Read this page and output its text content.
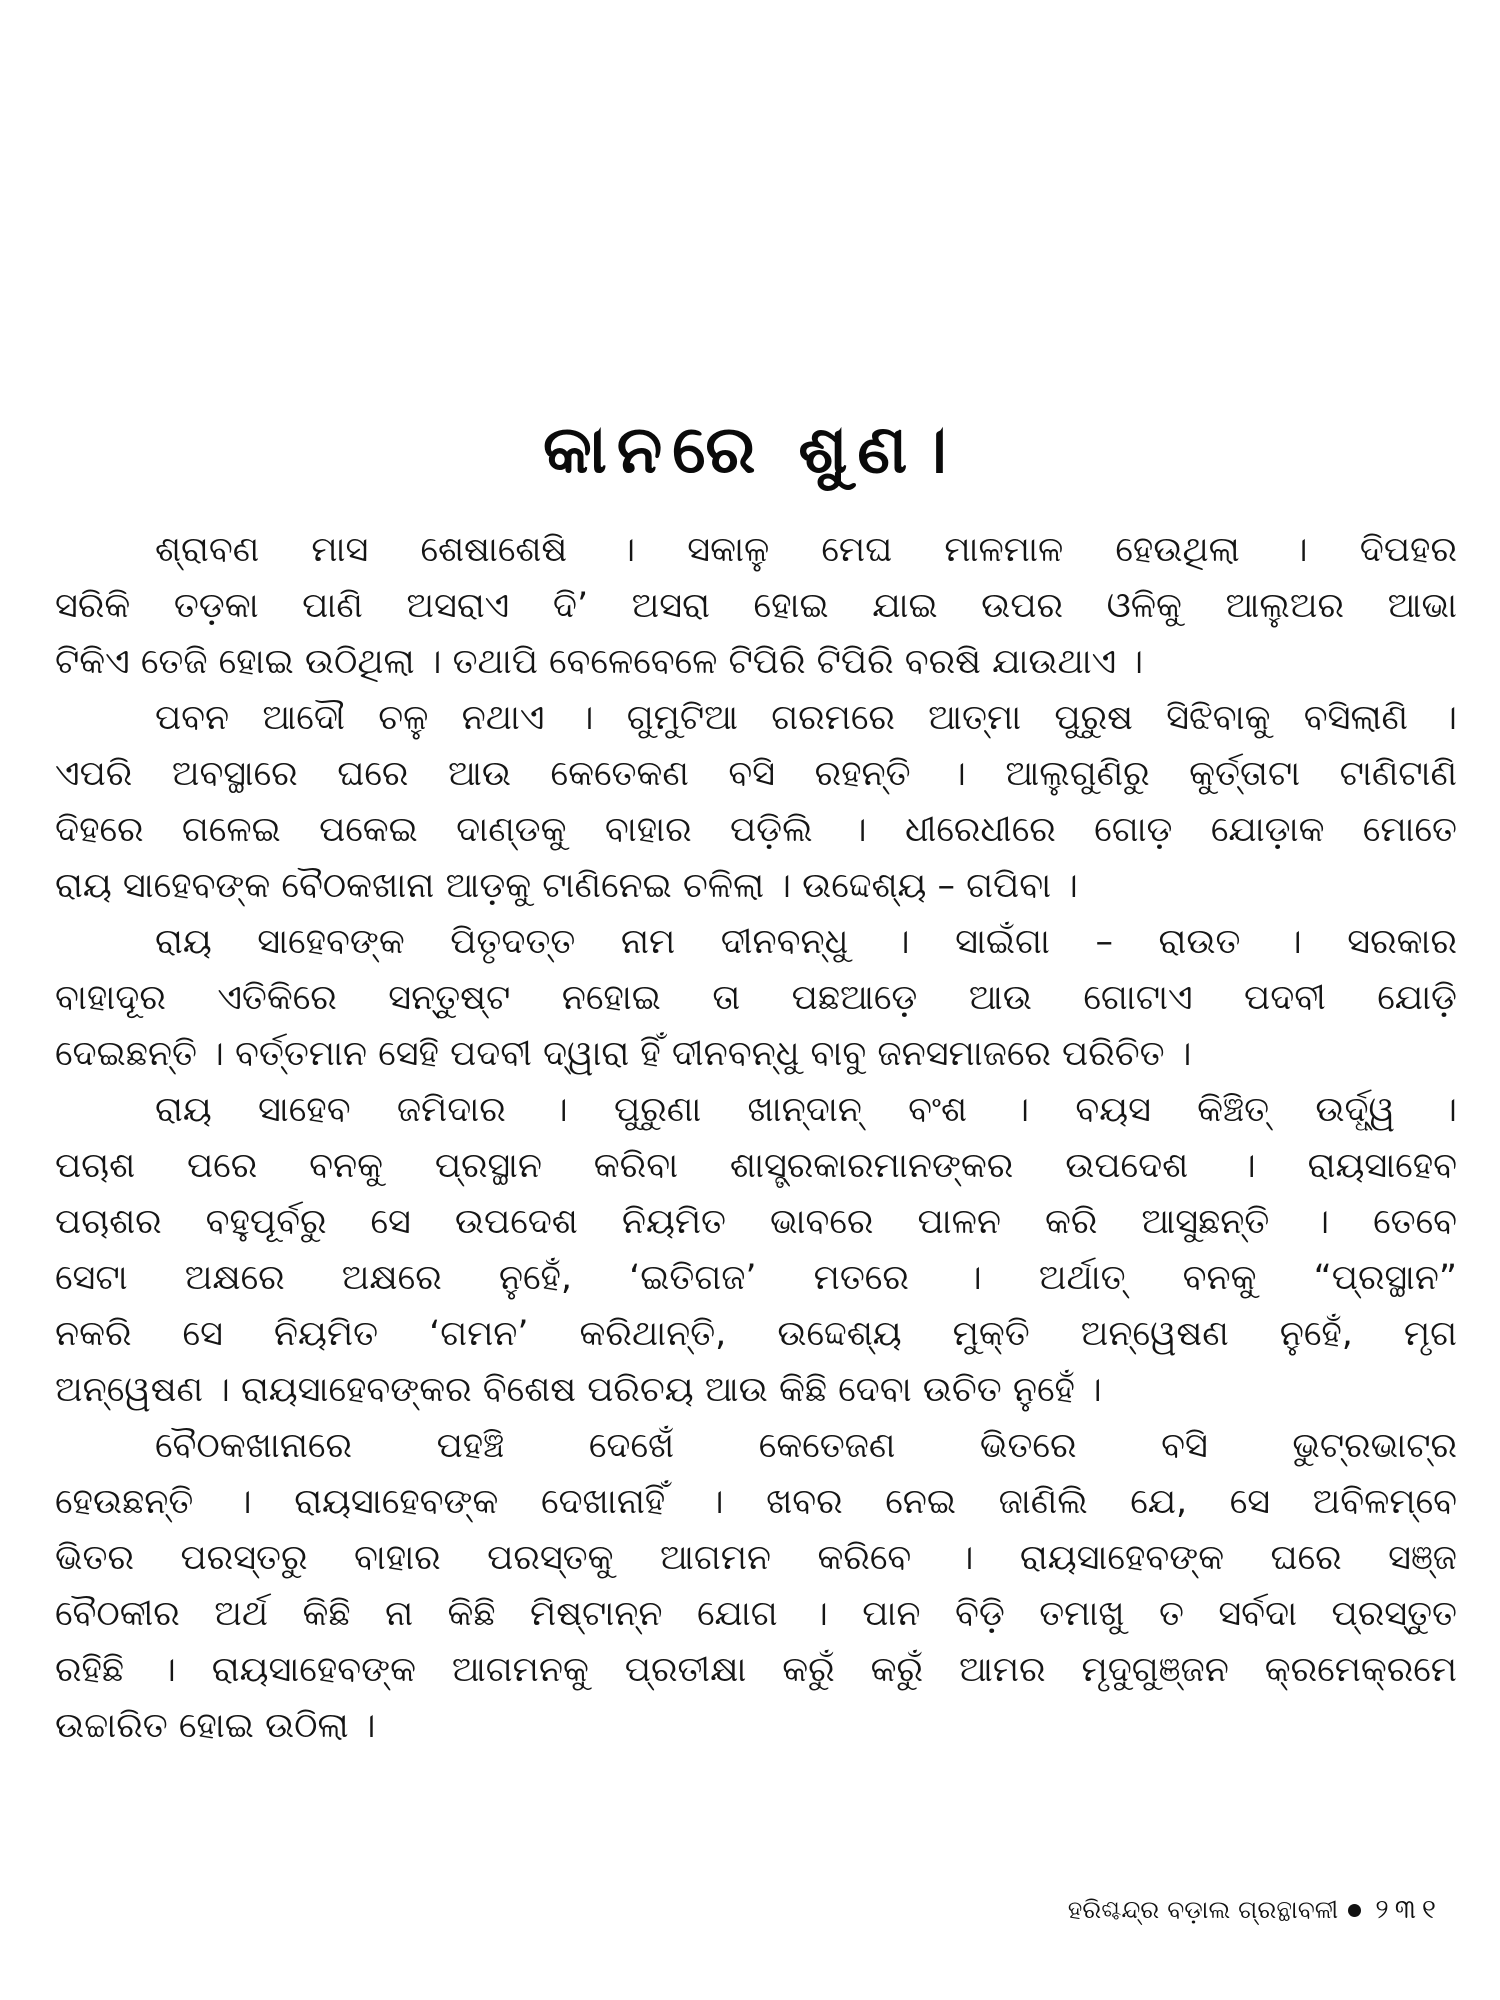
କାନରେ ଶୁଣ।
ଶ୍ରାବଣ ମାସ ଶେଷାଶେଷି । ସକାଳୁ ମେଘ ମାଳମାଳ ହେଉଥିଲା । ଦିପହର
ସରିକି ତଡ଼କା ପାଣି ଅସରାଏ ଦି’ ଅସରା ହୋଇ ଯାଇ ଉପର ଓଳିକୁ ଆଲୁଅର ଆଭା
ଟିକିଏ ତେଜି ହୋଇ ଉଠିଥିଲା । ତଥାପି ବେଳେବେଳେ ଟିପିରି ଟିପିରି ବରଷି ଯାଉଥାଏ ।
ପବନ ଆଦୌ ଚଳୁ ନଥାଏ । ଗୁମୁଟିଆ ଗରମରେ ଆତ୍ମା ପୁରୁଷ ସିଝିବାକୁ ବସିଲାଣି ।
ଏପରି ଅବସ୍ଥାରେ ଘରେ ଆଉ କେତେକଣ ବସି ରହନ୍ତି । ଆଲୁଗୁଣିରୁ କୁର୍ତ୍ତାଟା ଟାଣିଟାଣି
ଦିହରେ ଗଳେଇ ପକେଇ ଦାଣ୍ଡକୁ ବାହାର ପଡ଼ିଲି । ଧୀରେଧୀରେ ଗୋଡ଼ ଯୋଡ଼ାକ ମୋତେ
ରାୟ ସାହେବଙ୍କ ବୈଠକଖାନା ଆଡ଼କୁ ଟାଣିନେଇ ଚଳିଲା । ଉଦ୍ଦେଶ୍ୟ – ଗପିବା ।
ରାୟ ସାହେବଙ୍କ ପିତୃଦତ୍ତ ନାମ ଦୀନବନ୍ଧୁ । ସାଇଁଗା – ରାଉତ । ସରକାର
ବାହାଦୂର ଏତିକିରେ ସନ୍ତୁଷ୍ଟ ନହୋଇ ତା ପଛଆଡ଼େ ଆଉ ଗୋଟାଏ ପଦବୀ ଯୋଡ଼ି
ଦେଇଛନ୍ତି । ବର୍ତ୍ତମାନ ସେହି ପଦବୀ ଦ୍ୱାରା ହିଁ ଦୀନବନ୍ଧୁ ବାବୁ ଜନସମାଜରେ ପରିଚିତ ।
ରାୟ ସାହେବ ଜମିଦାର । ପୁରୁଣା ଖାନ୍‌ଦାନ୍ ବଂଶ । ବୟସ କିଞ୍ଚିତ୍ ଉର୍ଦ୍ଧ୍ୱ ।
ପଚାଶ ପରେ ବନକୁ ପ୍ରସ୍ଥାନ କରିବା ଶାସ୍ତ୍ରକାରମାନଙ୍କର ଉପଦେଶ । ରାୟସାହେବ
ପଚାଶର ବହୁପୂର୍ବରୁ ସେ ଉପଦେଶ ନିୟମିତ ଭାବରେ ପାଳନ କରି ଆସୁଛନ୍ତି । ତେବେ
ସେଟା ଅକ୍ଷରେ ଅକ୍ଷରେ ନୁହେଁ, ‘ଇତିଗଜ’ ମତରେ । ଅର୍ଥାତ୍ ବନକୁ “ପ୍ରସ୍ଥାନ”
ନକରି ସେ ନିୟମିତ ‘ଗମନ’ କରିଥାନ୍ତି, ଉଦ୍ଦେଶ୍ୟ ମୁକ୍ତି ଅନ୍ୱେଷଣ ନୁହେଁ, ମୃଗ
ଅନ୍ୱେଷଣ । ରାୟସାହେବଙ୍କର ବିଶେଷ ପରିଚୟ ଆଉ କିଛି ଦେବା ଉଚିତ ନୁହେଁ ।
ବୈଠକଖାନାରେ ପହଞ୍ଚି ଦେଖେଁ କେତେଜଣ ଭିତରେ ବସି ଭୁଟ୍‌ରଭାଟ୍‌ର
ହେଉଛନ୍ତି । ରାୟସାହେବଙ୍କ ଦେଖାନାହିଁ । ଖବର ନେଇ ଜାଣିଲି ଯେ, ସେ ଅବିଳମ୍ବେ
ଭିତର ପରସ୍ତରୁ ବାହାର ପରସ୍ତକୁ ଆଗମନ କରିବେ । ରାୟସାହେବଙ୍କ ଘରେ ସଞ୍ଜ
ବୈଠକୀର ଅର୍ଥ କିଛି ନା କିଛି ମିଷ୍ଟାନ୍ନ ଯୋଗ । ପାନ ବିଡ଼ି ତମାଖୁ ତ ସର୍ବଦା ପ୍ରସ୍ତୁତ
ରହିଛି । ରାୟସାହେବଙ୍କ ଆଗମନକୁ ପ୍ରତୀକ୍ଷା କରୁଁ କରୁଁ ଆମର ମୃଦୁଗୁଞ୍ଜନ କ୍ରମେକ୍ରମେ
ଉଚ୍ଚାରିତ ହୋଇ ଉଠିଲା ।
ହରିଶ୍ଚନ୍ଦ୍ର ବଡ଼ାଲ ଗ୍ରନ୍ଥାବଳୀ ୨୩୧
